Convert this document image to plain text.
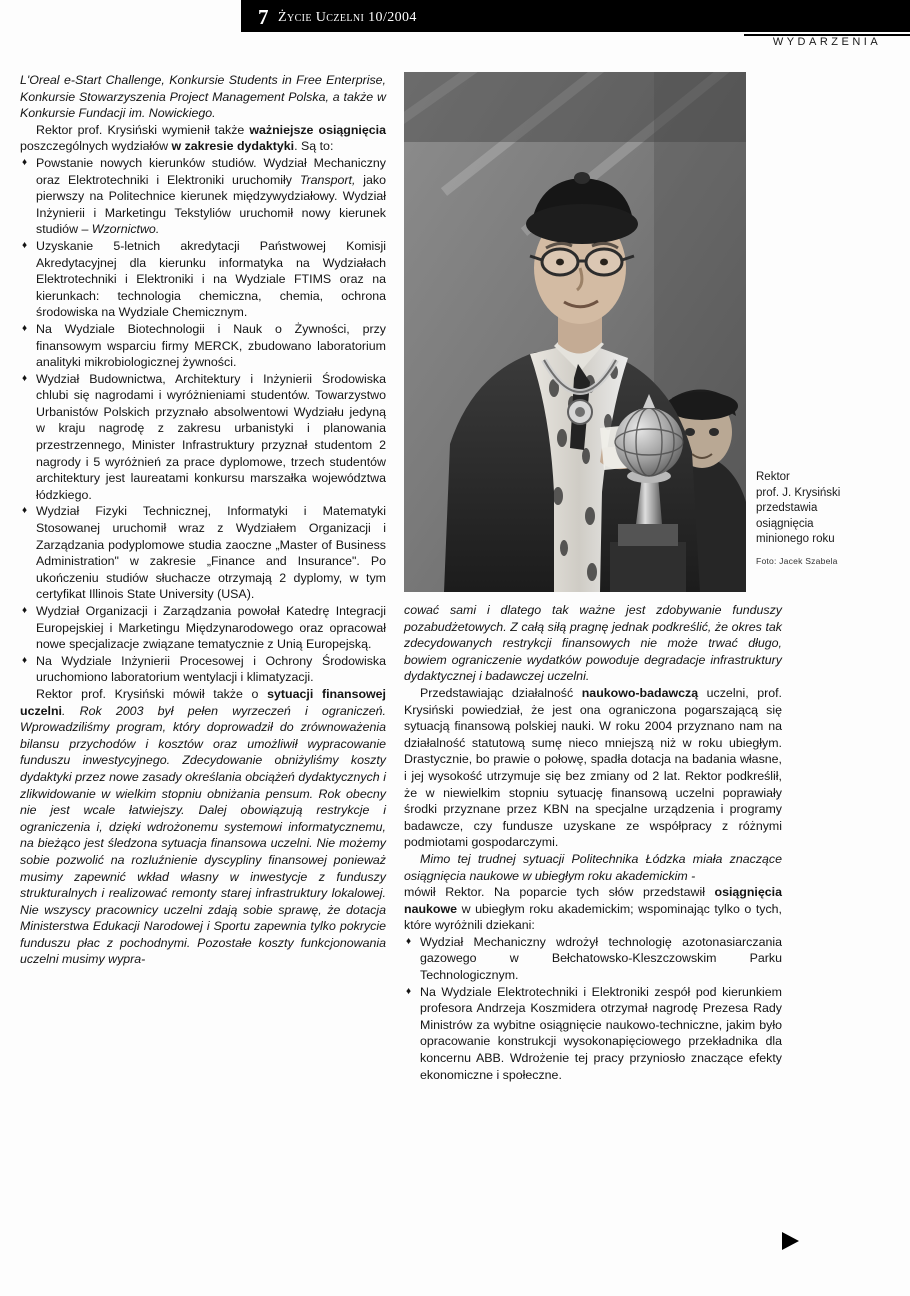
7 Życie Uczelni 10/2004
WYDARZENIA

L'Oreal e-Start Challenge, Konkursie Students in Free Enterprise, Konkursie Stowarzyszenia Project Management Polska, a także w Konkursie Fundacji im. Nowickiego.

Rektor prof. Krysiński wymienił także ważniejsze osiągnięcia poszczególnych wydziałów w zakresie dydaktyki. Są to:

♦ Powstanie nowych kierunków studiów. Wydział Mechaniczny oraz Elektrotechniki i Elektroniki uruchomiły Transport, jako pierwszy na Politechnice kierunek międzywydziałowy. Wydział Inżynierii i Marketingu Tekstyliów uruchomił nowy kierunek studiów – Wzornictwo.

♦ Uzyskanie 5-letnich akredytacji Państwowej Komisji Akredytacyjnej dla kierunku informatyka na Wydziałach Elektrotechniki i Elektroniki i na Wydziale FTIMS oraz na kierunkach: technologia chemiczna, chemia, ochrona środowiska na Wydziale Chemicznym.

♦ Na Wydziale Biotechnologii i Nauk o Żywności, przy finansowym wsparciu firmy MERCK, zbudowano laboratorium analityki mikrobiologicznej żywności.

♦ Wydział Budownictwa, Architektury i Inżynierii Środowiska chlubi się nagrodami i wyróżnieniami studentów. Towarzystwo Urbanistów Polskich przyznało absolwentowi Wydziału jedyną w kraju nagrodę z zakresu urbanistyki i planowania przestrzennego, Minister Infrastruktury przyznał studentom 2 nagrody i 5 wyróżnień za prace dyplomowe, trzech studentów architektury jest laureatami konkursu marszałka województwa łódzkiego.

♦ Wydział Fizyki Technicznej, Informatyki i Matematyki Stosowanej uruchomił wraz z Wydziałem Organizacji i Zarządzania podyplomowe studia zaoczne „Master of Business Administration" w zakresie „Finance and Insurance". Po ukończeniu studiów słuchacze otrzymają 2 dyplomy, w tym certyfikat Illinois State University (USA).

♦ Wydział Organizacji i Zarządzania powołał Katedrę Integracji Europejskiej i Marketingu Międzynarodowego oraz opracował nowe specjalizacje związane tematycznie z Unią Europejską.

♦ Na Wydziale Inżynierii Procesowej i Ochrony Środowiska uruchomiono laboratorium wentylacji i klimatyzacji.

Rektor prof. Krysiński mówił także o sytuacji finansowej uczelni. Rok 2003 był pełen wyrzeczeń i ograniczeń. Wprowadziliśmy program, który doprowadził do zrównoważenia bilansu przychodów i kosztów oraz umożliwił wypracowanie funduszu inwestycyjnego. Zdecydowanie obniżyliśmy koszty dydaktyki przez nowe zasady określania obciążeń dydaktycznych i zlikwidowanie w wielkim stopniu obniżania pensum. Rok obecny nie jest wcale łatwiejszy. Dalej obowiązują restrykcje i ograniczenia i, dzięki wdrożonemu systemowi informatycznemu, na bieżąco jest śledzona sytuacja finansowa uczelni. Nie możemy sobie pozwolić na rozluźnienie dyscypliny finansowej ponieważ musimy zapewnić wkład własny w inwestycje z funduszy strukturalnych i realizować remonty starej infrastruktury lokalowej. Nie wszyscy pracownicy uczelni zdają sobie sprawę, że dotacja Ministerstwa Edukacji Narodowej i Sportu zapewnia tylko pokrycie funduszu płac z pochodnymi. Pozostałe koszty funkcjonowania uczelni musimy wypra-

Rektor
prof. J. Krysiński
przedstawia
osiągnięcia
minionego roku
Foto: Jacek Szabela

cować sami i dlatego tak ważne jest zdobywanie funduszy pozabudżetowych. Z całą siłą pragnę jednak podkreślić, że okres tak zdecydowanych restrykcji finansowych nie może trwać długo, bowiem ograniczenie wydatków powoduje degradacje infrastruktury dydaktycznej i badawczej uczelni.

Przedstawiając działalność naukowo-badawczą uczelni, prof. Krysiński powiedział, że jest ona ograniczona pogarszającą się sytuacją finansową polskiej nauki. W roku 2004 przyznano nam na działalność statutową sumę nieco mniejszą niż w roku ubiegłym. Drastycznie, bo prawie o połowę, spadła dotacja na badania własne, i jej wysokość utrzymuje się bez zmiany od 2 lat. Rektor podkreślił, że w niewielkim stopniu sytuację finansową uczelni poprawiały środki przyznane przez KBN na specjalne urządzenia i programy badawcze, czy fundusze uzyskane ze współpracy z różnymi podmiotami gospodarczymi.

Mimo tej trudnej sytuacji Politechnika Łódzka miała znaczące osiągnięcia naukowe w ubiegłym roku akademickim -

mówił Rektor. Na poparcie tych słów przedstawił osiągnięcia naukowe w ubiegłym roku akademickim; wspominając tylko o tych, które wyróżnili dziekani:

♦ Wydział Mechaniczny wdrożył technologię azotonasiarczania gazowego w Bełchatowsko-Kleszczowskim Parku Technologicznym.

♦ Na Wydziale Elektrotechniki i Elektroniki zespół pod kierunkiem profesora Andrzeja Koszmidera otrzymał nagrodę Prezesa Rady Ministrów za wybitne osiągnięcie naukowo-techniczne, jakim było opracowanie konstrukcji wysokonapięciowego przekładnika dla koncernu ABB. Wdrożenie tej pracy przyniosło znaczące efekty ekonomiczne i społeczne.
